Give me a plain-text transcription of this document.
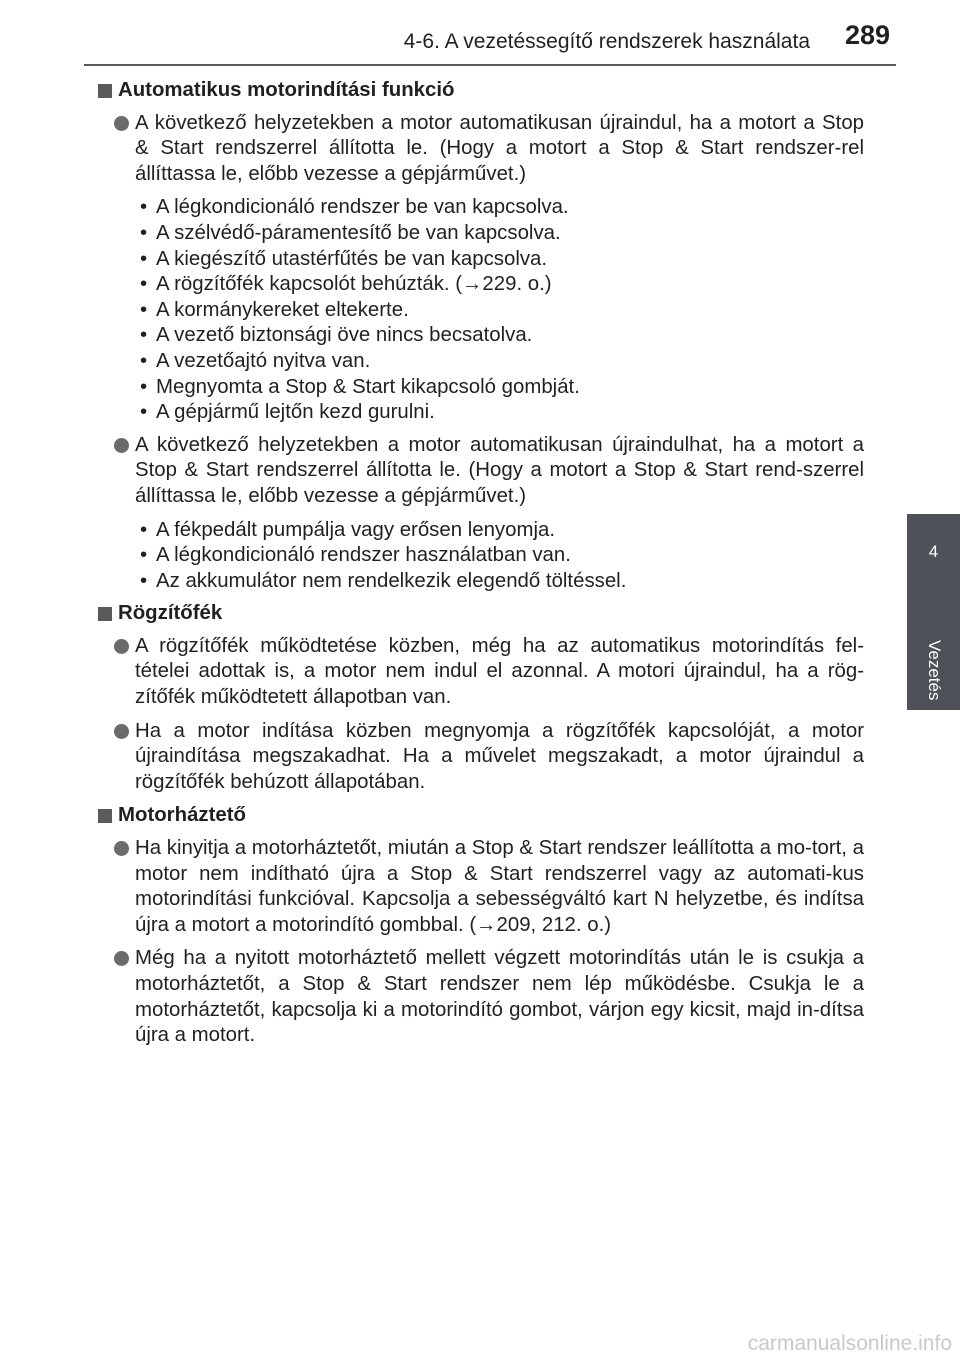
4-6. A vezetéssegítő rendszerek használata 289
4
Vezetés
Automatikus motorindítási funkció
A következő helyzetekben a motor automatikusan újraindul, ha a motort a Stop & Start rendszerrel állította le. (Hogy a motort a Stop & Start rendszer-rel állíttassa le, előbb vezesse a gépjárművet.)
• A légkondicionáló rendszer be van kapcsolva.
• A szélvédő-páramentesítő be van kapcsolva.
• A kiegészítő utastérfűtés be van kapcsolva.
• A rögzítőfék kapcsolót behúzták. (→229. o.)
• A kormánykereket eltekerte.
• A vezető biztonsági öve nincs becsatolva.
• A vezetőajtó nyitva van.
• Megnyomta a Stop & Start kikapcsoló gombját.
• A gépjármű lejtőn kezd gurulni.
A következő helyzetekben a motor automatikusan újraindulhat, ha a motort a Stop & Start rendszerrel állította le. (Hogy a motort a Stop & Start rend-szerrel állíttassa le, előbb vezesse a gépjárművet.)
• A fékpedált pumpálja vagy erősen lenyomja.
• A légkondicionáló rendszer használatban van.
• Az akkumulátor nem rendelkezik elegendő töltéssel.
Rögzítőfék
A rögzítőfék működtetése közben, még ha az automatikus motorindítás fel-tételei adottak is, a motor nem indul el azonnal. A motori újraindul, ha a rög-zítőfék működtetett állapotban van.
Ha a motor indítása közben megnyomja a rögzítőfék kapcsolóját, a motor újraindítása megszakadhat. Ha a művelet megszakadt, a motor újraindul a rögzítőfék behúzott állapotában.
Motorháztető
Ha kinyitja a motorháztetőt, miután a Stop & Start rendszer leállította a mo-tort, a motor nem indítható újra a Stop & Start rendszerrel vagy az automati-kus motorindítási funkcióval. Kapcsolja a sebességváltó kart N helyzetbe, és indítsa újra a motort a motorindító gombbal. (→209, 212. o.)
Még ha a nyitott motorháztető mellett végzett motorindítás után le is csukja a motorháztetőt, a Stop & Start rendszer nem lép működésbe. Csukja le a motorháztetőt, kapcsolja ki a motorindító gombot, várjon egy kicsit, majd in-dítsa újra a motort.
carmanualsonline.info
